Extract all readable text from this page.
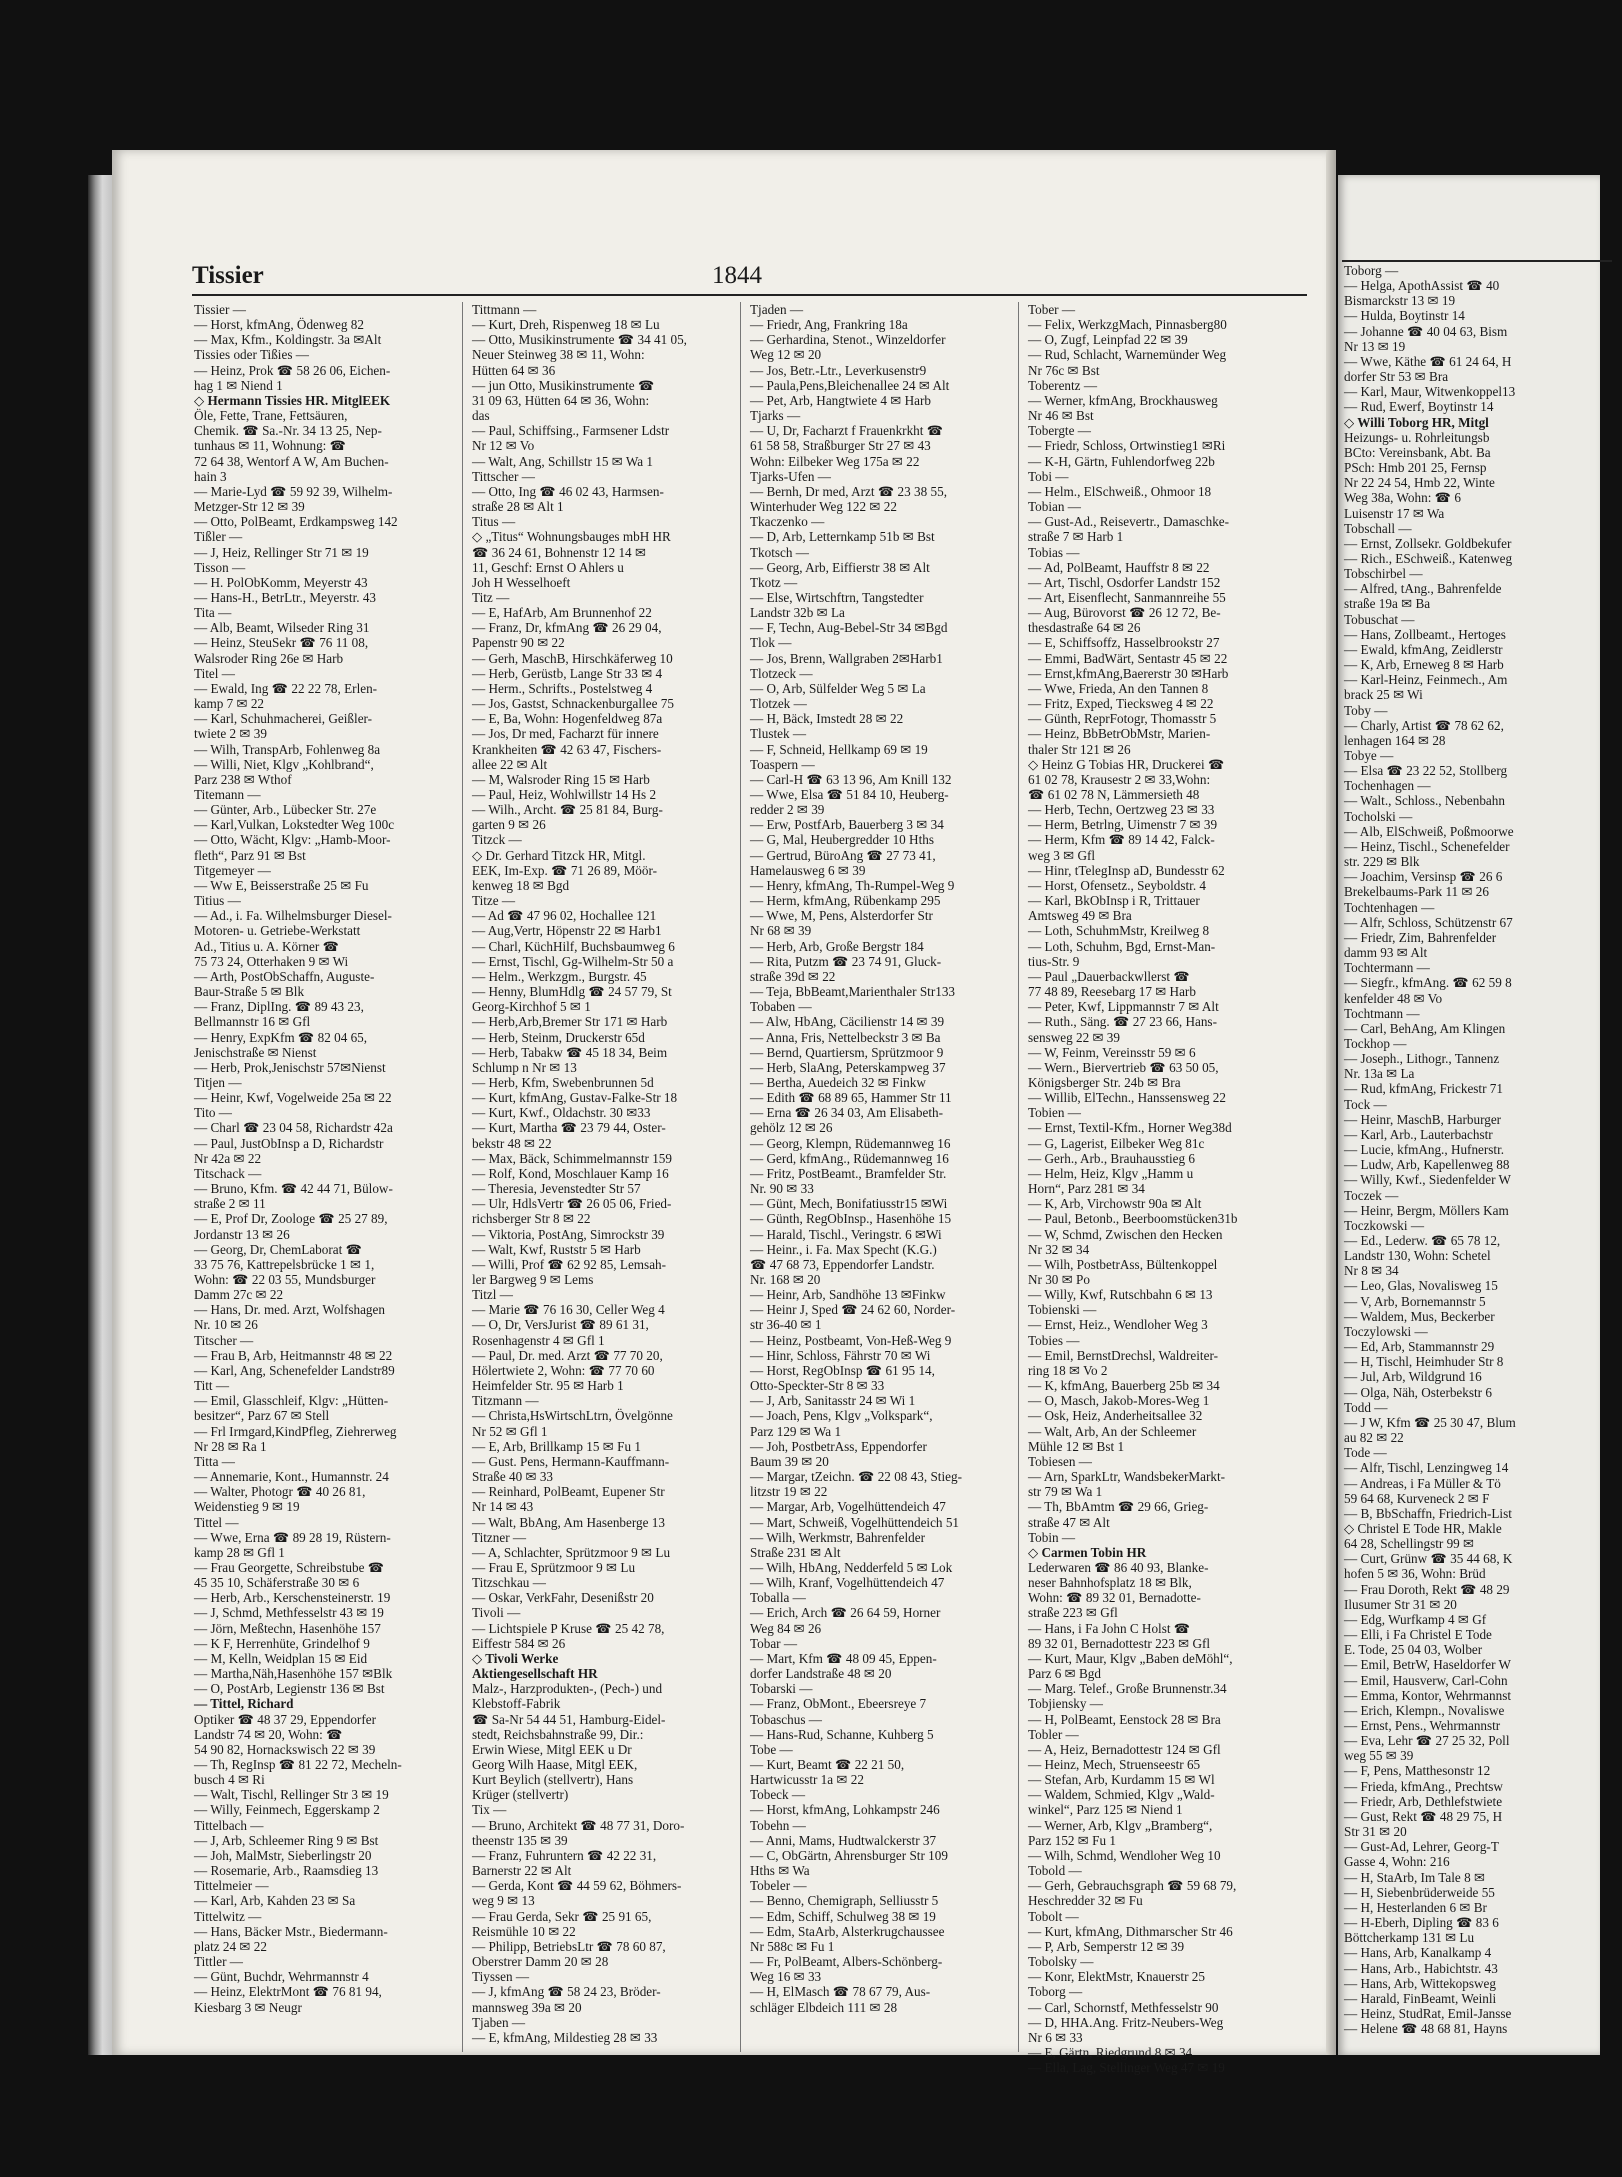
Tissier	1844
Tissier —
— Horst, kfmAng, Ödenweg 82
— Max, Kfm., Koldingstr. 3a ✉Alt
Tissies oder Tißies —
— Heinz, Prok ☎ 58 26 06, Eichen-
hag 1 ✉ Niend 1
◇ Hermann Tissies HR. MitglEEK
Öle, Fette, Trane, Fettsäuren,
Chemik. ☎ Sa.-Nr. 34 13 25, Nep-
tunhaus ✉ 11, Wohnung: ☎
72 64 38, Wentorf A W, Am Buchen-
hain 3
— Marie-Lyd ☎ 59 92 39, Wilhelm-
Metzger-Str 12 ✉ 39
— Otto, PolBeamt, Erdkampsweg 142
Tißler —
— J, Heiz, Rellinger Str 71 ✉ 19
Tisson —
— H. PolObKomm, Meyerstr 43
— Hans-H., BetrLtr., Meyerstr. 43
Tita —
— Alb, Beamt, Wilseder Ring 31
— Heinz, SteuSekr ☎ 76 11 08,
Walsroder Ring 26e ✉ Harb
Titel —
— Ewald, Ing ☎ 22 22 78, Erlen-
kamp 7 ✉ 22
— Karl, Schuhmacherei, Geißler-
twiete 2 ✉ 39
— Wilh, TranspArb, Fohlenweg 8a
— Willi, Niet, Klgv „Kohlbrand“,
Parz 238 ✉ Wthof
Titemann —
— Günter, Arb., Lübecker Str. 27e
— Karl,Vulkan, Lokstedter Weg 100c
— Otto, Wächt, Klgv: „Hamb-Moor-
fleth“, Parz 91 ✉ Bst
Titgemeyer —
— Ww E, Beisserstraße 25 ✉ Fu
Titius —
— Ad., i. Fa. Wilhelmsburger Diesel-
Motoren- u. Getriebe-Werkstatt
Ad., Titius u. A. Körner ☎
75 73 24, Otterhaken 9 ✉ Wi
— Arth, PostObSchaffn, Auguste-
Baur-Straße 5 ✉ Blk
— Franz, DiplIng. ☎ 89 43 23,
Bellmannstr 16 ✉ Gfl
— Henry, ExpKfm ☎ 82 04 65,
Jenischstraße ✉ Nienst
— Herb, Prok,Jenischstr 57✉Nienst
Titjen —
— Heinr, Kwf, Vogelweide 25a ✉ 22
Tito —
— Charl ☎ 23 04 58, Richardstr 42a
— Paul, JustObInsp a D, Richardstr
Nr 42a ✉ 22
Titschack —
— Bruno, Kfm. ☎ 42 44 71, Bülow-
straße 2 ✉ 11
— E, Prof Dr, Zoologe ☎ 25 27 89,
Jordanstr 13 ✉ 26
— Georg, Dr, ChemLaborat ☎
33 75 76, Kattrepelsbrücke 1 ✉ 1,
Wohn: ☎ 22 03 55, Mundsburger
Damm 27c ✉ 22
— Hans, Dr. med. Arzt, Wolfshagen
Nr. 10 ✉ 26
Titscher —
— Frau B, Arb, Heitmannstr 48 ✉ 22
— Karl, Ang, Schenefelder Landstr89
Titt —
— Emil, Glasschleif, Klgv: „Hütten-
besitzer“, Parz 67 ✉ Stell
— Frl Irmgard,KindPfleg, Ziehrerweg
Nr 28 ✉ Ra 1
Titta —
— Annemarie, Kont., Humannstr. 24
— Walter, Photogr ☎ 40 26 81,
Weidenstieg 9 ✉ 19
Tittel —
— Wwe, Erna ☎ 89 28 19, Rüstern-
kamp 28 ✉ Gfl 1
— Frau Georgette, Schreibstube ☎
45 35 10, Schäferstraße 30 ✉ 6
— Herb, Arb., Kerschensteinerstr. 19
— J, Schmd, Methfesselstr 43 ✉ 19
— Jörn, Meßtechn, Hasenhöhe 157
— K F, Herrenhüte, Grindelhof 9
— M, Kelln, Weidplan 15 ✉ Eid
— Martha,Näh,Hasenhöhe 157 ✉Blk
— O, PostArb, Legienstr 136 ✉ Bst
— Tittel, Richard
Optiker ☎ 48 37 29, Eppendorfer
Landstr 74 ✉ 20, Wohn: ☎
54 90 82, Hornackswisch 22 ✉ 39
— Th, RegInsp ☎ 81 22 72, Mecheln-
busch 4 ✉ Ri
— Walt, Tischl, Rellinger Str 3 ✉ 19
— Willy, Feinmech, Eggerskamp 2
Tittelbach —
— J, Arb, Schleemer Ring 9 ✉ Bst
— Joh, MalMstr, Sieberlingstr 20
— Rosemarie, Arb., Raamsdieg 13
Tittelmeier —
— Karl, Arb, Kahden 23 ✉ Sa
Tittelwitz —
— Hans, Bäcker Mstr., Biedermann-
platz 24 ✉ 22
Tittler —
— Günt, Buchdr, Wehrmannstr 4
— Heinz, ElektrMont ☎ 76 81 94,
Kiesbarg 3 ✉ Neugr
Tittmann —
— Kurt, Dreh, Rispenweg 18 ✉ Lu
— Otto, Musikinstrumente ☎ 34 41 05,
Neuer Steinweg 38 ✉ 11, Wohn:
Hütten 64 ✉ 36
— jun Otto, Musikinstrumente ☎
31 09 63, Hütten 64 ✉ 36, Wohn:
das
— Paul, Schiffsing., Farmsener Ldstr
Nr 12 ✉ Vo
— Walt, Ang, Schillstr 15 ✉ Wa 1
Tittscher —
— Otto, Ing ☎ 46 02 43, Harmsen-
straße 28 ✉ Alt 1
Titus —
◇ „Titus“ Wohnungsbauges mbH HR
☎ 36 24 61, Bohnenstr 12 14 ✉
11, Geschf: Ernst O Ahlers u
Joh H Wesselhoeft
Titz —
— E, HafArb, Am Brunnenhof 22
— Franz, Dr, kfmAng ☎ 26 29 04,
Papenstr 90 ✉ 22
— Gerh, MaschB, Hirschkäferweg 10
— Herb, Gerüstb, Lange Str 33 ✉ 4
— Herm., Schrifts., Postelstweg 4
— Jos, Gastst, Schnackenburgallee 75
— E, Ba, Wohn: Hogenfeldweg 87a
— Jos, Dr med, Facharzt für innere
Krankheiten ☎ 42 63 47, Fischers-
allee 22 ✉ Alt
— M, Walsroder Ring 15 ✉ Harb
— Paul, Heiz, Wohlwillstr 14 Hs 2
— Wilh., Archt. ☎ 25 81 84, Burg-
garten 9 ✉ 26
Titzck —
◇ Dr. Gerhard Titzck HR, Mitgl.
EEK, Im-Exp. ☎ 71 26 89, Möör-
kenweg 18 ✉ Bgd
Titze —
— Ad ☎ 47 96 02, Hochallee 121
— Aug,Vertr, Höpenstr 22 ✉ Harb1
— Charl, KüchHilf, Buchsbaumweg 6
— Ernst, Tischl, Gg-Wilhelm-Str 50 a
— Helm., Werkzgm., Burgstr. 45
— Henny, BlumHdlg ☎ 24 57 79, St
Georg-Kirchhof 5 ✉ 1
— Herb,Arb,Bremer Str 171 ✉ Harb
— Herb, Steinm, Druckerstr 65d
— Herb, Tabakw ☎ 45 18 34, Beim
Schlump n Nr ✉ 13
— Herb, Kfm, Swebenbrunnen 5d
— Kurt, kfmAng, Gustav-Falke-Str 18
— Kurt, Kwf., Oldachstr. 30 ✉33
— Kurt, Martha ☎ 23 79 44, Oster-
bekstr 48 ✉ 22
— Max, Bäck, Schimmelmannstr 159
— Rolf, Kond, Moschlauer Kamp 16
— Theresia, Jevenstedter Str 57
— Ulr, HdlsVertr ☎ 26 05 06, Fried-
richsberger Str 8 ✉ 22
— Viktoria, PostAng, Simrockstr 39
— Walt, Kwf, Ruststr 5 ✉ Harb
— Willi, Prof ☎ 62 92 85, Lemsah-
ler Bargweg 9 ✉ Lems
Titzl —
— Marie ☎ 76 16 30, Celler Weg 4
— O, Dr, VersJurist ☎ 89 61 31,
Rosenhagenstr 4 ✉ Gfl 1
— Paul, Dr. med. Arzt ☎ 77 70 20,
Hölertwiete 2, Wohn: ☎ 77 70 60
Heimfelder Str. 95 ✉ Harb 1
Titzmann —
— Christa,HsWirtschLtrn, Övelgönne
Nr 52 ✉ Gfl 1
— E, Arb, Brillkamp 15 ✉ Fu 1
— Gust. Pens, Hermann-Kauffmann-
Straße 40 ✉ 33
— Reinhard, PolBeamt, Eupener Str
Nr 14 ✉ 43
— Walt, BbAng, Am Hasenberge 13
Titzner —
— A, Schlachter, Sprützmoor 9 ✉ Lu
— Frau E, Sprützmoor 9 ✉ Lu
Titzschkau —
— Oskar, VerkFahr, Desenißstr 20
Tivoli —
— Lichtspiele P Kruse ☎ 25 42 78,
Eiffestr 584 ✉ 26
◇ Tivoli Werke
Aktiengesellschaft HR
Malz-, Harzprodukten-, (Pech-) und
Klebstoff-Fabrik
☎ Sa-Nr 54 44 51, Hamburg-Eidel-
stedt, Reichsbahnstraße 99, Dir.:
Erwin Wiese, Mitgl EEK u Dr
Georg Wilh Haase, Mitgl EEK,
Kurt Beylich (stellvertr), Hans
Krüger (stellvertr)
Tix —
— Bruno, Architekt ☎ 48 77 31, Doro-
theenstr 135 ✉ 39
— Franz, Fuhruntern ☎ 42 22 31,
Barnerstr 22 ✉ Alt
— Gerda, Kont ☎ 44 59 62, Böhmers-
weg 9 ✉ 13
— Frau Gerda, Sekr ☎ 25 91 65,
Reismühle 10 ✉ 22
— Philipp, BetriebsLtr ☎ 78 60 87,
Oberstrer Damm 20 ✉ 28
Tiyssen —
— J, kfmAng ☎ 58 24 23, Bröder-
mannsweg 39a ✉ 20
Tjaben —
— E, kfmAng, Mildestieg 28 ✉ 33
Tjaden —
— Friedr, Ang, Frankring 18a
— Gerhardina, Stenot., Winzeldorfer
Weg 12 ✉ 20
— Jos, Betr.-Ltr., Leverkusenstr9
— Paula,Pens,Bleichenallee 24 ✉ Alt
— Pet, Arb, Hangtwiete 4 ✉ Harb
Tjarks —
— U, Dr, Facharzt f Frauenkrkht ☎
61 58 58, Straßburger Str 27 ✉ 43
Wohn: Eilbeker Weg 175a ✉ 22
Tjarks-Ufen —
— Bernh, Dr med, Arzt ☎ 23 38 55,
Winterhuder Weg 122 ✉ 22
Tkaczenko —
— D, Arb, Letternkamp 51b ✉ Bst
Tkotsch —
— Georg, Arb, Eiffierstr 38 ✉ Alt
Tkotz —
— Else, Wirtschftrn, Tangstedter
Landstr 32b ✉ La
— F, Techn, Aug-Bebel-Str 34 ✉Bgd
Tlok —
— Jos, Brenn, Wallgraben 2✉Harb1
Tlotzeck —
— O, Arb, Sülfelder Weg 5 ✉ La
Tlotzek —
— H, Bäck, Imstedt 28 ✉ 22
Tlustek —
— F, Schneid, Hellkamp 69 ✉ 19
Toaspern —
— Carl-H ☎ 63 13 96, Am Knill 132
— Wwe, Elsa ☎ 51 84 10, Heuberg-
redder 2 ✉ 39
— Erw, PostfArb, Bauerberg 3 ✉ 34
— G, Mal, Heubergredder 10 Hths
— Gertrud, BüroAng ☎ 27 73 41,
Hamelausweg 6 ✉ 39
— Henry, kfmAng, Th-Rumpel-Weg 9
— Herm, kfmAng, Rübenkamp 295
— Wwe, M, Pens, Alsterdorfer Str
Nr 68 ✉ 39
— Herb, Arb, Große Bergstr 184
— Rita, Putzm ☎ 23 74 91, Gluck-
straße 39d ✉ 22
— Teja, BbBeamt,Marienthaler Str133
Tobaben —
— Alw, HbAng, Cäcilienstr 14 ✉ 39
— Anna, Fris, Nettelbeckstr 3 ✉ Ba
— Bernd, Quartiersm, Sprützmoor 9
— Herb, SlaAng, Peterskampweg 37
— Bertha, Auedeich 32 ✉ Finkw
— Edith ☎ 68 89 65, Hammer Str 11
— Erna ☎ 26 34 03, Am Elisabeth-
gehölz 12 ✉ 26
— Georg, Klempn, Rüdemannweg 16
— Gerd, kfmAng., Rüdemannweg 16
— Fritz, PostBeamt., Bramfelder Str.
Nr. 90 ✉ 33
— Günt, Mech, Bonifatiusstr15 ✉Wi
— Günth, RegObInsp., Hasenhöhe 15
— Harald, Tischl., Veringstr. 6 ✉Wi
— Heinr., i. Fa. Max Specht (K.G.)
☎ 47 68 73, Eppendorfer Landstr.
Nr. 168 ✉ 20
— Heinr, Arb, Sandhöhe 13 ✉Finkw
— Heinr J, Sped ☎ 24 62 60, Norder-
str 36-40 ✉ 1
— Heinz, Postbeamt, Von-Heß-Weg 9
— Hinr, Schloss, Fährstr 70 ✉ Wi
— Horst, RegObInsp ☎ 61 95 14,
Otto-Speckter-Str 8 ✉ 33
— J, Arb, Sanitasstr 24 ✉ Wi 1
— Joach, Pens, Klgv „Volkspark“,
Parz 129 ✉ Wa 1
— Joh, PostbetrAss, Eppendorfer
Baum 39 ✉ 20
— Margar, tZeichn. ☎ 22 08 43, Stieg-
litzstr 19 ✉ 22
— Margar, Arb, Vogelhüttendeich 47
— Mart, Schweiß, Vogelhüttendeich 51
— Wilh, Werkmstr, Bahrenfelder
Straße 231 ✉ Alt
— Wilh, HbAng, Nedderfeld 5 ✉ Lok
— Wilh, Kranf, Vogelhüttendeich 47
Toballa —
— Erich, Arch ☎ 26 64 59, Horner
Weg 84 ✉ 26
Tobar —
— Mart, Kfm ☎ 48 09 45, Eppen-
dorfer Landstraße 48 ✉ 20
Tobarski —
— Franz, ObMont., Ebeersreye 7
Tobaschus —
— Hans-Rud, Schanne, Kuhberg 5
Tobe —
— Kurt, Beamt ☎ 22 21 50,
Hartwicusstr 1a ✉ 22
Tobeck —
— Horst, kfmAng, Lohkampstr 246
Tobehn —
— Anni, Mams, Hudtwalckerstr 37
— C, ObGärtn, Ahrensburger Str 109
Hths ✉ Wa
Tobeler —
— Benno, Chemigraph, Selliusstr 5
— Edm, Schiff, Schulweg 38 ✉ 19
— Edm, StaArb, Alsterkrugchaussee
Nr 588c ✉ Fu 1
— Fr, PolBeamt, Albers-Schönberg-
Weg 16 ✉ 33
— H, ElMasch ☎ 78 67 79, Aus-
schläger Elbdeich 111 ✉ 28
Tober —
— Felix, WerkzgMach, Pinnasberg80
— O, Zugf, Leinpfad 22 ✉ 39
— Rud, Schlacht, Warnemünder Weg
Nr 76c ✉ Bst
Toberentz —
— Werner, kfmAng, Brockhausweg
Nr 46 ✉ Bst
Tobergte —
— Friedr, Schloss, Ortwinstieg1 ✉Ri
— K-H, Gärtn, Fuhlendorfweg 22b
Tobi —
— Helm., ElSchweiß., Ohmoor 18
Tobian —
— Gust-Ad., Reisevertr., Damaschke-
straße 7 ✉ Harb 1
Tobias —
— Ad, PolBeamt, Hauffstr 8 ✉ 22
— Art, Tischl, Osdorfer Landstr 152
— Art, Eisenflecht, Sanmannreihe 55
— Aug, Bürovorst ☎ 26 12 72, Be-
thesdastraße 64 ✉ 26
— E, Schiffsoffz, Hasselbrookstr 27
— Emmi, BadWärt, Sentastr 45 ✉ 22
— Ernst,kfmAng,Baererstr 30 ✉Harb
— Wwe, Frieda, An den Tannen 8
— Fritz, Exped, Tiecksweg 4 ✉ 22
— Günth, ReprFotogr, Thomasstr 5
— Heinz, BbBetrObMstr, Marien-
thaler Str 121 ✉ 26
◇ Heinz G Tobias HR, Druckerei ☎
61 02 78, Krausestr 2 ✉ 33,Wohn:
☎ 61 02 78 N, Lämmersieth 48
— Herb, Techn, Oertzweg 23 ✉ 33
— Herm, Betrlng, Uimenstr 7 ✉ 39
— Herm, Kfm ☎ 89 14 42, Falck-
weg 3 ✉ Gfl
— Hinr, tTelegInsp aD, Bundesstr 62
— Horst, Ofensetz., Seyboldstr. 4
— Karl, BkObInsp i R, Trittauer
Amtsweg 49 ✉ Bra
— Loth, SchuhmMstr, Kreilweg 8
— Loth, Schuhm, Bgd, Ernst-Man-
tius-Str. 9
— Paul „Dauerbackwllerst ☎
77 48 89, Reesebarg 17 ✉ Harb
— Peter, Kwf, Lippmannstr 7 ✉ Alt
— Ruth., Säng. ☎ 27 23 66, Hans-
sensweg 22 ✉ 39
— W, Feinm, Vereinsstr 59 ✉ 6
— Wern., Biervertrieb ☎ 63 50 05,
Königsberger Str. 24b ✉ Bra
— Willib, ElTechn., Hanssensweg 22
Tobien —
— Ernst, Textil-Kfm., Horner Weg38d
— G, Lagerist, Eilbeker Weg 81c
— Gerh., Arb., Brauhausstieg 6
— Helm, Heiz, Klgv „Hamm u
Horn“, Parz 281 ✉ 34
— K, Arb, Virchowstr 90a ✉ Alt
— Paul, Betonb., Beerboomstücken31b
— W, Schmd, Zwischen den Hecken
Nr 32 ✉ 34
— Wilh, PostbetrAss, Bültenkoppel
Nr 30 ✉ Po
— Willy, Kwf, Rutschbahn 6 ✉ 13
Tobienski —
— Ernst, Heiz., Wendloher Weg 3
Tobies —
— Emil, BernstDrechsl, Waldreiter-
ring 18 ✉ Vo 2
— K, kfmAng, Bauerberg 25b ✉ 34
— O, Masch, Jakob-Mores-Weg 1
— Osk, Heiz, Anderheitsallee 32
— Walt, Arb, An der Schleemer
Mühle 12 ✉ Bst 1
Tobiesen —
— Arn, SparkLtr, WandsbekerMarkt-
str 79 ✉ Wa 1
— Th, BbAmtm ☎ 29 66, Grieg-
straße 47 ✉ Alt
Tobin —
◇ Carmen Tobin HR
Lederwaren ☎ 86 40 93, Blanke-
neser Bahnhofsplatz 18 ✉ Blk,
Wohn: ☎ 89 32 01, Bernadotte-
straße 223 ✉ Gfl
— Hans, i Fa John C Holst ☎
89 32 01, Bernadottestr 223 ✉ Gfl
— Kurt, Maur, Klgv „Baben deMöhl“,
Parz 6 ✉ Bgd
— Marg. Telef., Große Brunnenstr.34
Tobjiensky —
— H, PolBeamt, Eenstock 28 ✉ Bra
Tobler —
— A, Heiz, Bernadottestr 124 ✉ Gfl
— Heinz, Mech, Struenseestr 65
— Stefan, Arb, Kurdamm 15 ✉ Wl
— Waldem, Schmied, Klgv „Wald-
winkel“, Parz 125 ✉ Niend 1
— Werner, Arb, Klgv „Bramberg“,
Parz 152 ✉ Fu 1
— Wilh, Schmd, Wendloher Weg 10
Tobold —
— Gerh, Gebrauchsgraph ☎ 59 68 79,
Heschredder 32 ✉ Fu
Tobolt —
— Kurt, kfmAng, Dithmarscher Str 46
— P, Arb, Semperstr 12 ✉ 39
Tobolsky —
— Konr, ElektMstr, Knauerstr 25
Toborg —
— Carl, Schornstf, Methfesselstr 90
— D, HHA.Ang. Fritz-Neubers-Weg
Nr 6 ✉ 33
— E, Gärtn, Riedgrund 8 ✉ 34
— Ella, Lag, Stellinger Weg 47 ✉ 19
Toborg —
— Helga, ApothAssist ☎ 40
Bismarckstr 13 ✉ 19
— Hulda, Boytinstr 14
— Johanne ☎ 40 04 63, Bism
Nr 13 ✉ 19
— Wwe, Käthe ☎ 61 24 64, H
dorfer Str 53 ✉ Bra
— Karl, Maur, Witwenkoppel13
— Rud, Ewerf, Boytinstr 14
◇ Willi Toborg HR, Mitgl
Heizungs- u. Rohrleitungsb
BCto: Vereinsbank, Abt. Ba
PSch: Hmb 201 25, Fernsp
Nr 22 24 54, Hmb 22, Winte
Weg 38a, Wohn: ☎ 6
Luisenstr 17 ✉ Wa
Tobschall —
— Ernst, Zollsekr. Goldbekufer
— Rich., ESchweiß., Katenweg
Tobschirbel —
— Alfred, tAng., Bahrenfelde
straße 19a ✉ Ba
Tobuschat —
— Hans, Zollbeamt., Hertoges
— Ewald, kfmAng, Zeidlerstr
— K, Arb, Erneweg 8 ✉ Harb
— Karl-Heinz, Feinmech., Am
brack 25 ✉ Wi
Toby —
— Charly, Artist ☎ 78 62 62,
lenhagen 164 ✉ 28
Tobye —
— Elsa ☎ 23 22 52, Stollberg
Tochenhagen —
— Walt., Schloss., Nebenbahn
Tocholski —
— Alb, ElSchweiß, Poßmoorwe
— Heinz, Tischl., Schenefelder
str. 229 ✉ Blk
— Joachim, Versinsp ☎ 26 6
Brekelbaums-Park 11 ✉ 26
Tochtenhagen —
— Alfr, Schloss, Schützenstr 67
— Friedr, Zim, Bahrenfelder
damm 93 ✉ Alt
Tochtermann —
— Siegfr., kfmAng. ☎ 62 59 8
kenfelder 48 ✉ Vo
Tochtmann —
— Carl, BehAng, Am Klingen
Tockhop —
— Joseph., Lithogr., Tannenz
Nr. 13a ✉ La
— Rud, kfmAng, Frickestr 71
Tock —
— Heinr, MaschB, Harburger
— Karl, Arb., Lauterbachstr
— Lucie, kfmAng., Hufnerstr.
— Ludw, Arb, Kapellenweg 88
— Willy, Kwf., Siedenfelder W
Toczek —
— Heinr, Bergm, Möllers Kam
Toczkowski —
— Ed., Lederw. ☎ 65 78 12,
Landstr 130, Wohn: Schetel
Nr 8 ✉ 34
— Leo, Glas, Novalisweg 15
— V, Arb, Bornemannstr 5
— Waldem, Mus, Beckerber
Toczylowski —
— Ed, Arb, Stammannstr 29
— H, Tischl, Heimhuder Str 8
— Jul, Arb, Wildgrund 16
— Olga, Näh, Osterbekstr 6
Todd —
— J W, Kfm ☎ 25 30 47, Blum
au 82 ✉ 22
Tode —
— Alfr, Tischl, Lenzingweg 14
— Andreas, i Fa Müller & Tö
59 64 68, Kurveneck 2 ✉ F
— B, BbSchaffn, Friedrich-List
◇ Christel E Tode HR, Makle
64 28, Schellingstr 99 ✉
— Curt, Grünw ☎ 35 44 68, K
hofen 5 ✉ 36, Wohn: Brüd
— Frau Doroth, Rekt ☎ 48 29
Ilusumer Str 31 ✉ 20
— Edg, Wurfkamp 4 ✉ Gf
— Elli, i Fa Christel E Tode
E. Tode, 25 04 03, Wolber
— Emil, BetrW, Haseldorfer W
— Emil, Hausverw, Carl-Cohn
— Emma, Kontor, Wehrmannst
— Erich, Klempn., Novaliswe
— Ernst, Pens., Wehrmannstr
— Eva, Lehr ☎ 27 25 32, Poll
weg 55 ✉ 39
— F, Pens, Matthesonstr 12
— Frieda, kfmAng., Prechtsw
— Friedr, Arb, Dethlefstwiete
— Gust, Rekt ☎ 48 29 75, H
Str 31 ✉ 20
— Gust-Ad, Lehrer, Georg-T
Gasse 4, Wohn: 216
— H, StaArb, Im Tale 8 ✉
— H, Siebenbrüderweide 55
— H, Hesterlanden 6 ✉ Br
— H-Eberh, Dipling ☎ 83 6
Böttcherkamp 131 ✉ Lu
— Hans, Arb, Kanalkamp 4
— Hans, Arb., Habichtstr. 43
— Hans, Arb, Wittekopsweg
— Harald, FinBeamt, Weinli
— Heinz, StudRat, Emil-Jansse
— Helene ☎ 48 68 81, Hayns
